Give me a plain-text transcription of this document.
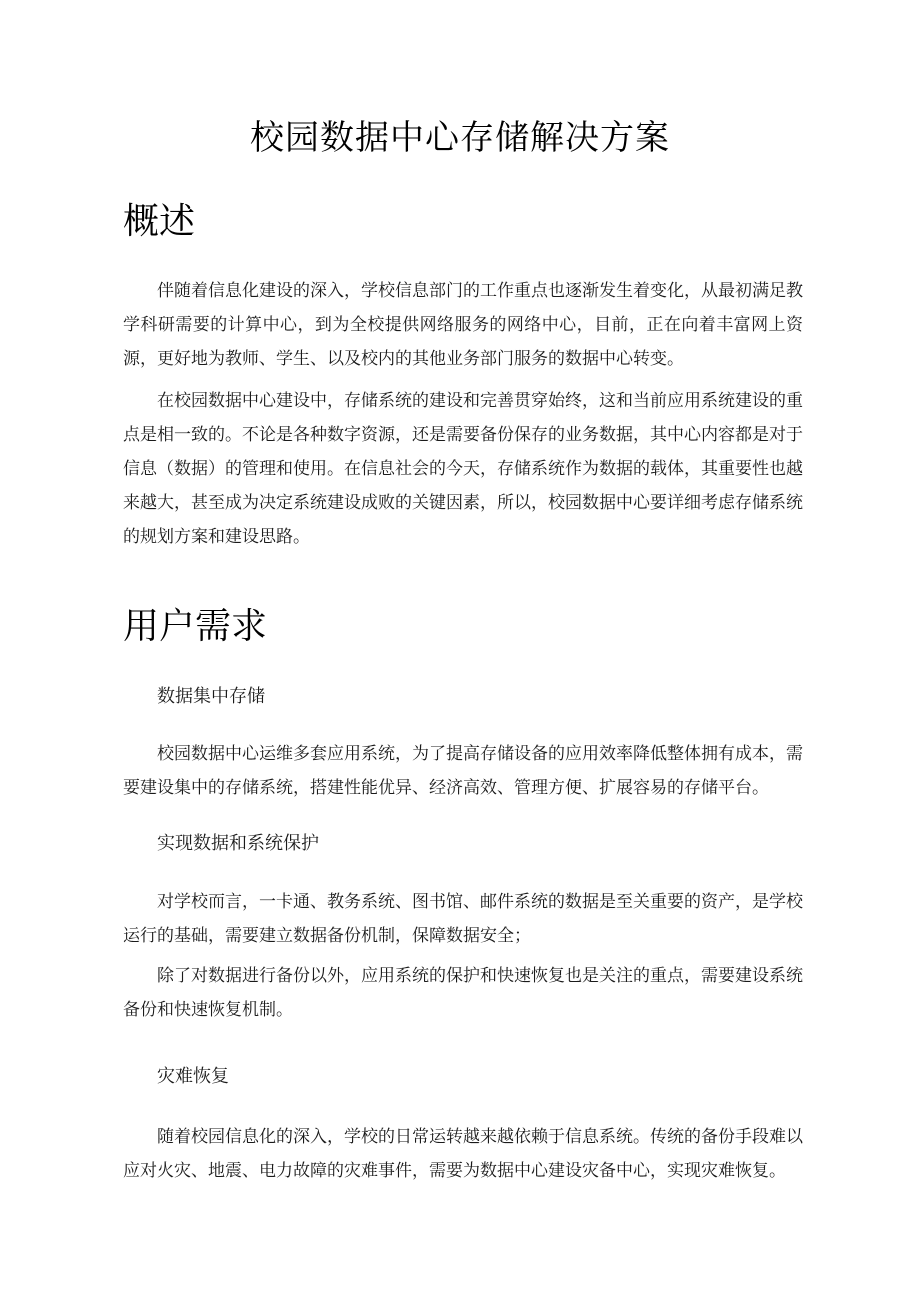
校园数据中心存储解决方案
概述

伴随着信息化建设的深入，学校信息部门的工作重点也逐渐发生着变化，从最初满足教学科研需要的计算中心，到为全校提供网络服务的网络中心，目前，正在向着丰富网上资源，更好地为教师、学生、以及校内的其他业务部门服务的数据中心转变。

在校园数据中心建设中，存储系统的建设和完善贯穿始终，这和当前应用系统建设的重点是相一致的。不论是各种数字资源，还是需要备份保存的业务数据，其中心内容都是对于信息（数据）的管理和使用。在信息社会的今天，存储系统作为数据的载体，其重要性也越来越大，甚至成为决定系统建设成败的关键因素，所以，校园数据中心要详细考虑存储系统的规划方案和建设思路。

用户需求
数据集中存储

校园数据中心运维多套应用系统，为了提高存储设备的应用效率降低整体拥有成本，需要建设集中的存储系统，搭建性能优异、经济高效、管理方便、扩展容易的存储平台。

实现数据和系统保护

对学校而言，一卡通、教务系统、图书馆、邮件系统的数据是至关重要的资产，是学校运行的基础，需要建立数据备份机制，保障数据安全；

除了对数据进行备份以外，应用系统的保护和快速恢复也是关注的重点，需要建设系统备份和快速恢复机制。

灾难恢复

随着校园信息化的深入，学校的日常运转越来越依赖于信息系统。传统的备份手段难以应对火灾、地震、电力故障的灾难事件，需要为数据中心建设灾备中心，实现灾难恢复。
